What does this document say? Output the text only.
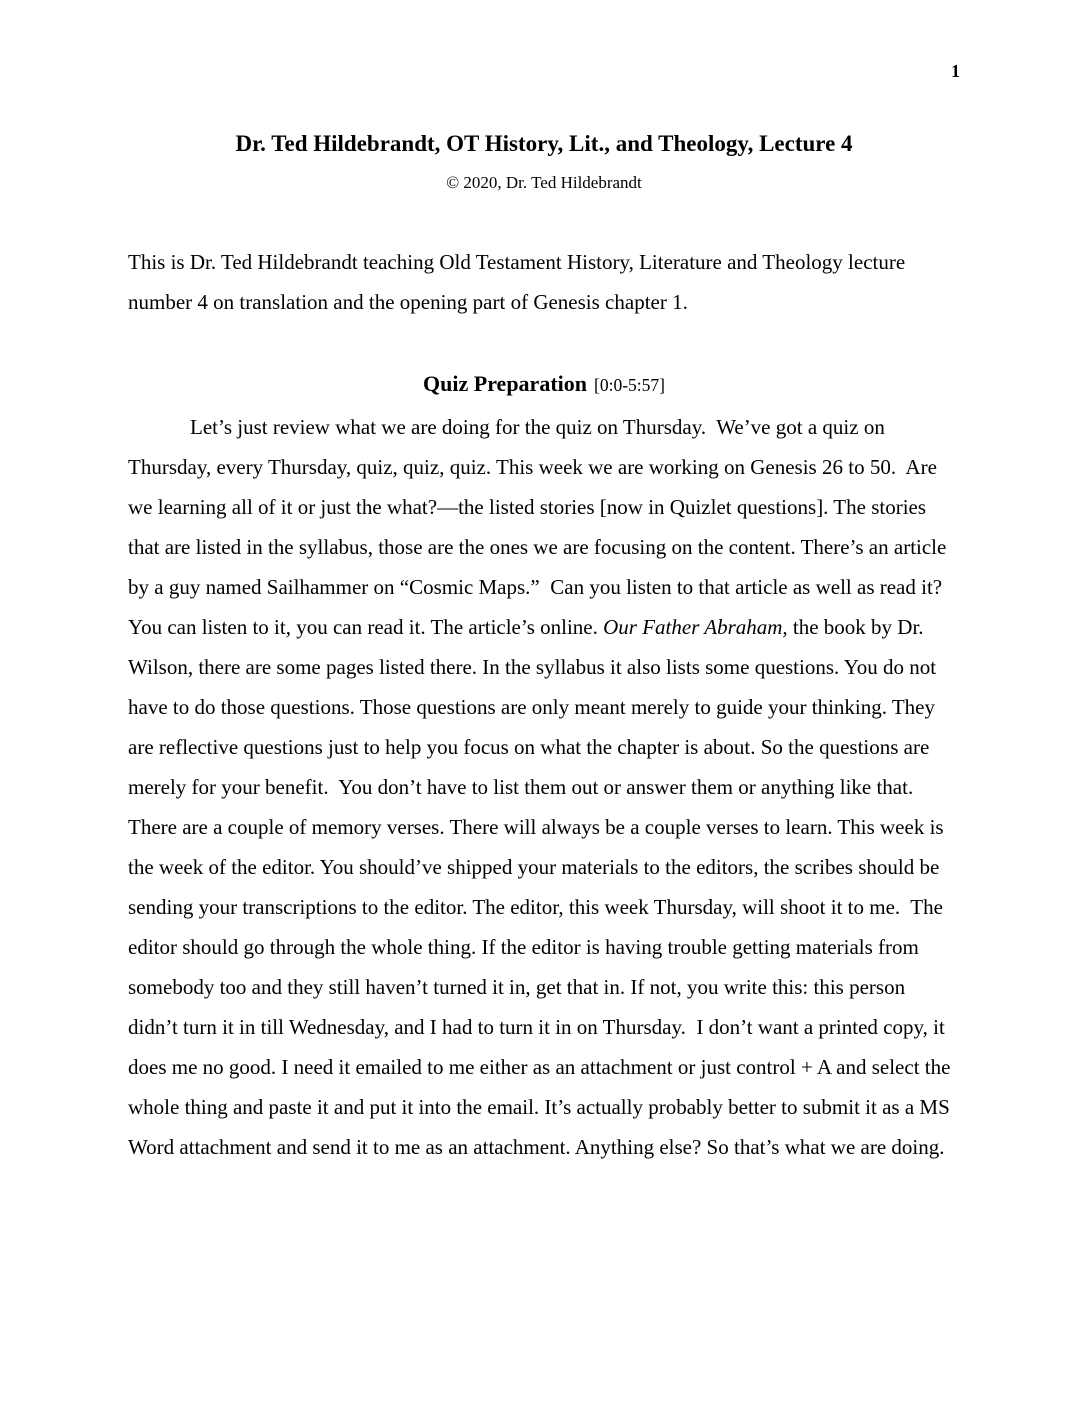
1
Dr. Ted Hildebrandt, OT History, Lit., and Theology, Lecture 4
© 2020, Dr. Ted Hildebrandt

This is Dr. Ted Hildebrandt teaching Old Testament History, Literature and Theology lecture number 4 on translation and the opening part of Genesis chapter 1.

Quiz Preparation [0:0-5:57]

Let’s just review what we are doing for the quiz on Thursday.  We’ve got a quiz on Thursday, every Thursday, quiz, quiz, quiz. This week we are working on Genesis 26 to 50.  Are we learning all of it or just the what?—the listed stories [now in Quizlet questions]. The stories that are listed in the syllabus, those are the ones we are focusing on the content. There’s an article by a guy named Sailhammer on “Cosmic Maps.”  Can you listen to that article as well as read it? You can listen to it, you can read it. The article’s online. Our Father Abraham, the book by Dr. Wilson, there are some pages listed there. In the syllabus it also lists some questions. You do not have to do those questions. Those questions are only meant merely to guide your thinking. They are reflective questions just to help you focus on what the chapter is about. So the questions are merely for your benefit.  You don’t have to list them out or answer them or anything like that. There are a couple of memory verses. There will always be a couple verses to learn. This week is the week of the editor. You should’ve shipped your materials to the editors, the scribes should be sending your transcriptions to the editor. The editor, this week Thursday, will shoot it to me.  The editor should go through the whole thing. If the editor is having trouble getting materials from somebody too and they still haven’t turned it in, get that in. If not, you write this: this person didn’t turn it in till Wednesday, and I had to turn it in on Thursday.  I don’t want a printed copy, it does me no good. I need it emailed to me either as an attachment or just control + A and select the whole thing and paste it and put it into the email. It’s actually probably better to submit it as a MS Word attachment and send it to me as an attachment. Anything else? So that’s what we are doing.
